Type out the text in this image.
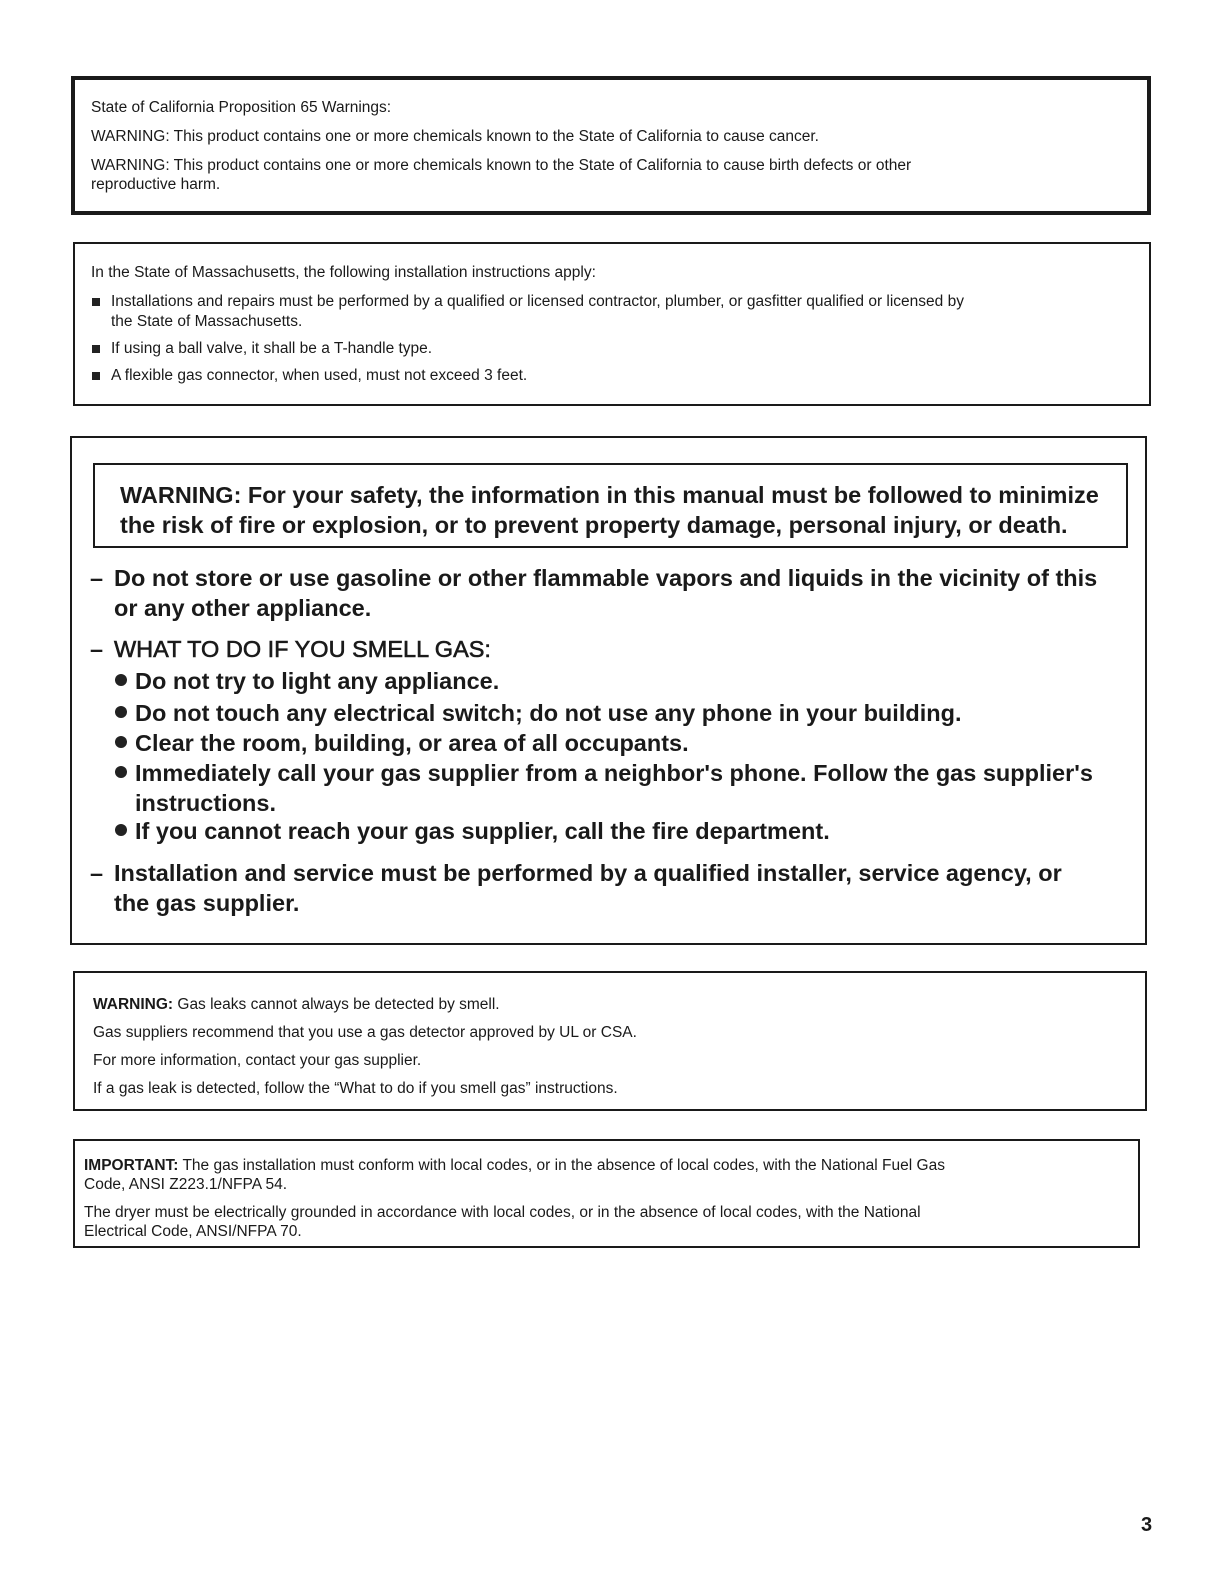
State of California Proposition 65 Warnings:

WARNING: This product contains one or more chemicals known to the State of California to cause cancer.

WARNING: This product contains one or more chemicals known to the State of California to cause birth defects or other

reproductive harm.

In the State of Massachusetts, the following installation instructions apply:

Installations and repairs must be performed by a qualified or licensed contractor, plumber, or gasfitter qualified or licensed by
the State of Massachusetts.
If using a ball valve, it shall be a T-handle type.
A flexible gas connector, when used, must not exceed 3 feet.

WARNING: For your safety, the information in this manual must be followed to minimize

the risk of fire or explosion, or to prevent property damage, personal injury, or death.

– Do not store or use gasoline or other flammable vapors and liquids in the vicinity of this
or any other appliance.
– WHAT TO DO IF YOU SMELL GAS:
Do not try to light any appliance.
Do not touch any electrical switch; do not use any phone in your building.
Clear the room, building, or area of all occupants.
Immediately call your gas supplier from a neighbor's phone. Follow the gas supplier's
instructions.
If you cannot reach your gas supplier, call the fire department.
– Installation and service must be performed by a qualified installer, service agency, or
the gas supplier.

WARNING: Gas leaks cannot always be detected by smell.

Gas suppliers recommend that you use a gas detector approved by UL or CSA.

For more information, contact your gas supplier.

If a gas leak is detected, follow the “What to do if you smell gas” instructions.

IMPORTANT: The gas installation must conform with local codes, or in the absence of local codes, with the National Fuel Gas
Code, ANSI Z223.1/NFPA 54.

The dryer must be electrically grounded in accordance with local codes, or in the absence of local codes, with the National
Electrical Code, ANSI/NFPA 70.

3
